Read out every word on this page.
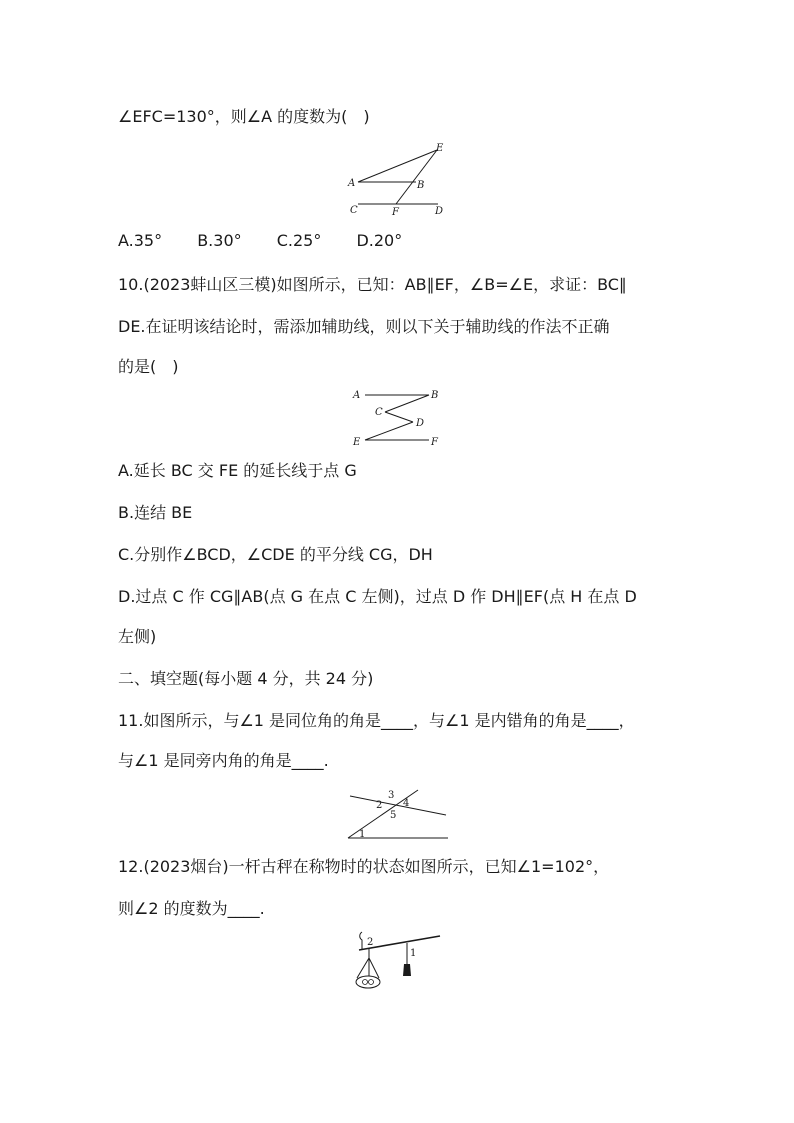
∠EFC=130°，则∠A 的度数为(　)
E
A	B
C	F	D
A.35° B.30° C.25° D.20°
10.(2023蚌山区三模)如图所示，已知：AB∥EF，∠B=∠E，求证：BC∥
DE.在证明该结论时，需添加辅助线，则以下关于辅助线的作法不正确
的是(　)
A	B
C
D
E	F
A.延长 BC 交 FE 的延长线于点 G
B.连结 BE
C.分别作∠BCD，∠CDE 的平分线 CG，DH
D.过点 C 作 CG∥AB(点 G 在点 C 左侧)，过点 D 作 DH∥EF(点 H 在点 D
左侧)
二、填空题(每小题 4 分，共 24 分)
11.如图所示，与∠1 是同位角的角是____，与∠1 是内错角的角是____，
与∠1 是同旁内角的角是____.
1
2
3
4
5
12.(2023烟台)一杆古秤在称物时的状态如图所示，已知∠1=102°，
则∠2 的度数为____.
2
1
